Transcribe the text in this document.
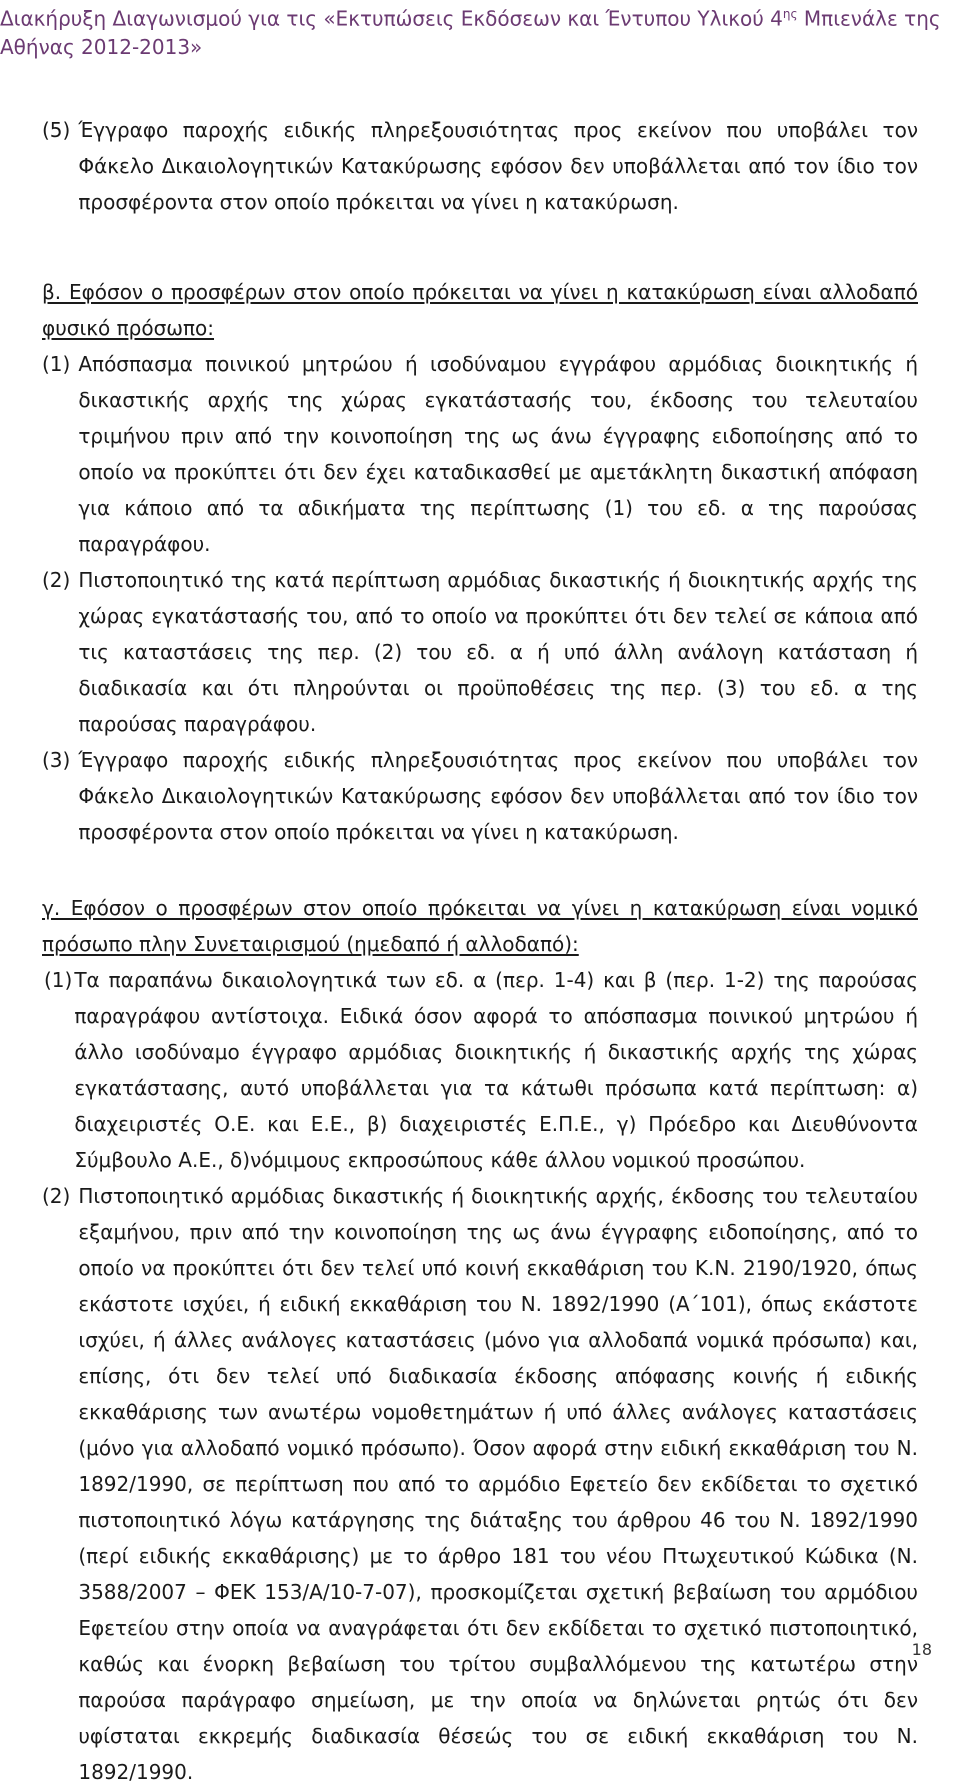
Διακήρυξη Διαγωνισμού για τις «Εκτυπώσεις Εκδόσεων και Έντυπου Υλικού $4^{\eta\varsigma}$ Μπιενάλε της
Αθήνας 2012-2013»
(5) Έγγραφο παροχής ειδικής πληρεξουσιότητας προς εκείνον που υποβάλει τον Φάκελο Δικαιολογητικών Κατακύρωσης εφόσον δεν υποβάλλεται από τον ίδιο τον προσφέροντα στον οποίο πρόκειται να γίνει η κατακύρωση.

β. Εφόσον ο προσφέρων στον οποίο πρόκειται να γίνει η κατακύρωση είναι αλλοδαπό φυσικό πρόσωπο:

(1) Απόσπασμα ποινικού μητρώου ή ισοδύναμου εγγράφου αρμόδιας διοικητικής ή δικαστικής αρχής της χώρας εγκατάστασής του, έκδοσης του τελευταίου τριμήνου πριν από την κοινοποίηση της ως άνω έγγραφης ειδοποίησης από το οποίο να προκύπτει ότι δεν έχει καταδικασθεί με αμετάκλητη δικαστική απόφαση για κάποιο από τα αδικήματα της περίπτωσης (1) του εδ. α της παρούσας παραγράφου.
(2) Πιστοποιητικό της κατά περίπτωση αρμόδιας δικαστικής ή διοικητικής αρχής της χώρας εγκατάστασής του, από το οποίο να προκύπτει ότι δεν τελεί σε κάποια από τις καταστάσεις της περ. (2) του εδ. α ή υπό άλλη ανάλογη κατάσταση ή διαδικασία και ότι πληρούνται οι προϋποθέσεις της περ. (3) του εδ. α της παρούσας παραγράφου.
(3) Έγγραφο παροχής ειδικής πληρεξουσιότητας προς εκείνον που υποβάλει τον Φάκελο Δικαιολογητικών Κατακύρωσης εφόσον δεν υποβάλλεται από τον ίδιο τον προσφέροντα στον οποίο πρόκειται να γίνει η κατακύρωση.

γ. Εφόσον ο προσφέρων στον οποίο πρόκειται να γίνει η κατακύρωση είναι νομικό πρόσωπο πλην Συνεταιρισμού (ημεδαπό ή αλλοδαπό):

(1) Τα παραπάνω δικαιολογητικά των εδ. α (περ. 1-4) και β (περ. 1-2) της παρούσας παραγράφου αντίστοιχα. Ειδικά όσον αφορά το απόσπασμα ποινικού μητρώου ή άλλο ισοδύναμο έγγραφο αρμόδιας διοικητικής ή δικαστικής αρχής της χώρας εγκατάστασης, αυτό υποβάλλεται για τα κάτωθι πρόσωπα κατά περίπτωση: α) διαχειριστές Ο.Ε. και Ε.Ε., β) διαχειριστές Ε.Π.Ε., γ) Πρόεδρο και Διευθύνοντα Σύμβουλο Α.Ε., δ)νόμιμους εκπροσώπους κάθε άλλου νομικού προσώπου.
(2) Πιστοποιητικό αρμόδιας δικαστικής ή διοικητικής αρχής, έκδοσης του τελευταίου εξαμήνου, πριν από την κοινοποίηση της ως άνω έγγραφης ειδοποίησης, από το οποίο να προκύπτει ότι δεν τελεί υπό κοινή εκκαθάριση του Κ.Ν. 2190/1920, όπως εκάστοτε ισχύει, ή ειδική εκκαθάριση του Ν. 1892/1990 (Α΄101), όπως εκάστοτε ισχύει, ή άλλες ανάλογες καταστάσεις (μόνο για αλλοδαπά νομικά πρόσωπα) και, επίσης, ότι δεν τελεί υπό διαδικασία έκδοσης απόφασης κοινής ή ειδικής εκκαθάρισης των ανωτέρω νομοθετημάτων ή υπό άλλες ανάλογες καταστάσεις (μόνο για αλλοδαπό νομικό πρόσωπο). Όσον αφορά στην ειδική εκκαθάριση του Ν. 1892/1990, σε περίπτωση που από το αρμόδιο Εφετείο δεν εκδίδεται το σχετικό πιστοποιητικό λόγω κατάργησης της διάταξης του άρθρου 46 του Ν. 1892/1990 (περί ειδικής εκκαθάρισης) με το άρθρο 181 του νέου Πτωχευτικού Κώδικα (Ν. 3588/2007 – ΦΕΚ 153/Α/10-7-07), προσκομίζεται σχετική βεβαίωση του αρμόδιου Εφετείου στην οποία να αναγράφεται ότι δεν εκδίδεται το σχετικό πιστοποιητικό, καθώς και ένορκη βεβαίωση του τρίτου συμβαλλόμενου της κατωτέρω στην παρούσα παράγραφο σημείωση, με την οποία να δηλώνεται ρητώς ότι δεν υφίσταται εκκρεμής διαδικασία θέσεώς του σε ειδική εκκαθάριση του Ν. 1892/1990.
18
